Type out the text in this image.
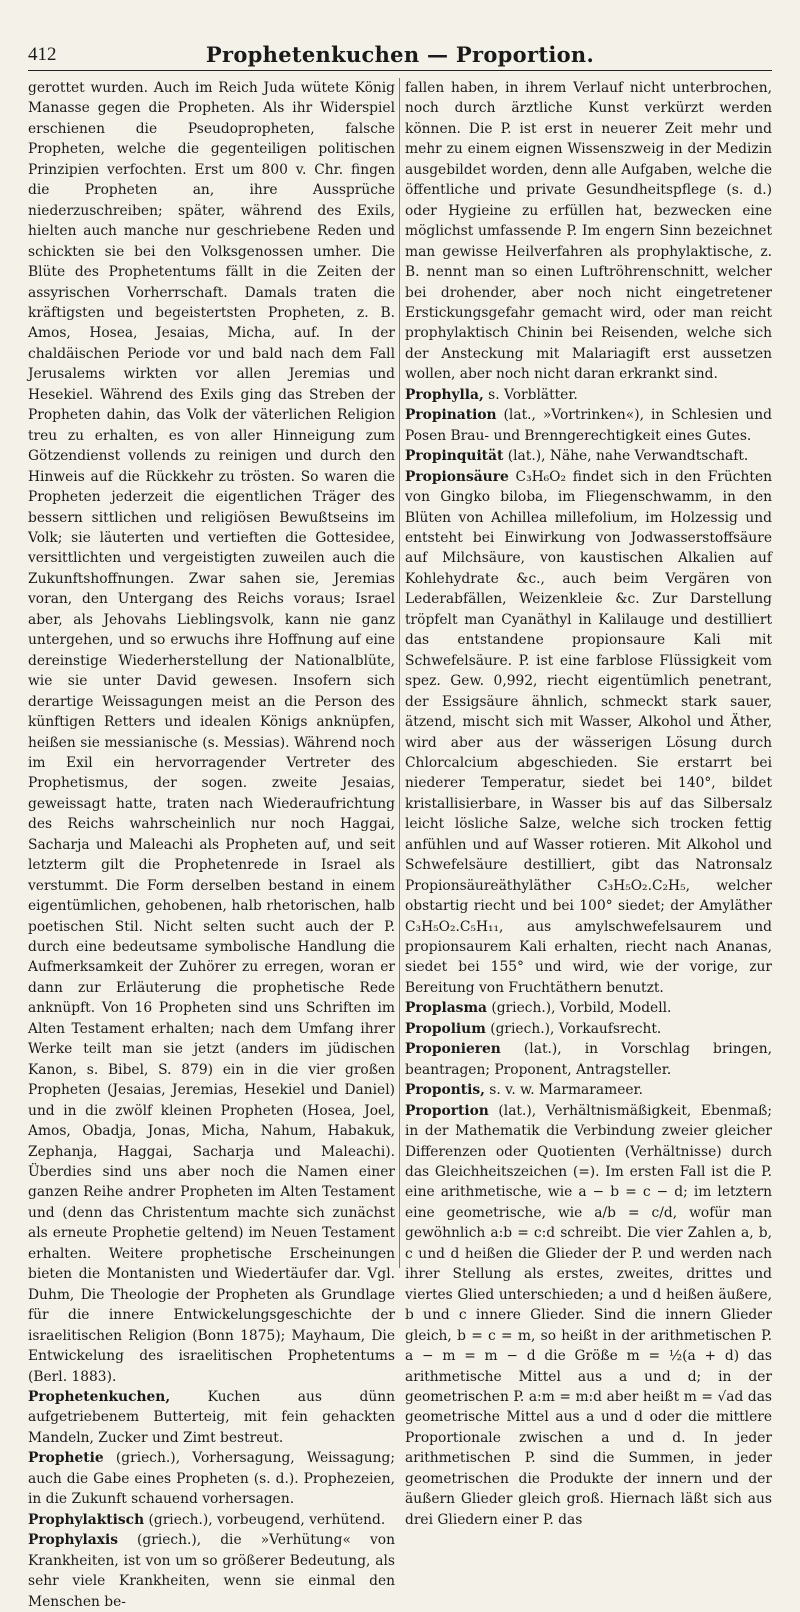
412	Prophetenkuchen — Proportion.

gerottet wurden. Auch im Reich Juda wütete König Manasse gegen die Propheten. Als ihr Widerspiel erschienen die Pseudopropheten, falsche Propheten, welche die gegenteiligen politischen Prinzipien verfochten. Erst um 800 v. Chr. fingen die Propheten an, ihre Aussprüche niederzuschreiben; später, während des Exils, hielten auch manche nur geschriebene Reden und schickten sie bei den Volksgenossen umher. Die Blüte des Prophetentums fällt in die Zeiten der assyrischen Vorherrschaft. Damals traten die kräftigsten und begeistertsten Propheten, z. B. Amos, Hosea, Jesaias, Micha, auf. In der chaldäischen Periode vor und bald nach dem Fall Jerusalems wirkten vor allen Jeremias und Hesekiel. Während des Exils ging das Streben der Propheten dahin, das Volk der väterlichen Religion treu zu erhalten, es von aller Hinneigung zum Götzendienst vollends zu reinigen und durch den Hinweis auf die Rückkehr zu trösten. So waren die Propheten jederzeit die eigentlichen Träger des bessern sittlichen und religiösen Bewußtseins im Volk; sie läuterten und vertieften die Gottesidee, versittlichten und vergeistigten zuweilen auch die Zukunftshoffnungen. Zwar sahen sie, Jeremias voran, den Untergang des Reichs voraus; Israel aber, als Jehovahs Lieblingsvolk, kann nie ganz untergehen, und so erwuchs ihre Hoffnung auf eine dereinstige Wiederherstellung der Nationalblüte, wie sie unter David gewesen. Insofern sich derartige Weissagungen meist an die Person des künftigen Retters und idealen Königs anknüpfen, heißen sie messianische (s. Messias). Während noch im Exil ein hervorragender Vertreter des Prophetismus, der sogen. zweite Jesaias, geweissagt hatte, traten nach Wiederaufrichtung des Reichs wahrscheinlich nur noch Haggai, Sacharja und Maleachi als Propheten auf, und seit letzterm gilt die Prophetenrede in Israel als verstummt. Die Form derselben bestand in einem eigentümlichen, gehobenen, halb rhetorischen, halb poetischen Stil. Nicht selten sucht auch der P. durch eine bedeutsame symbolische Handlung die Aufmerksamkeit der Zuhörer zu erregen, woran er dann zur Erläuterung die prophetische Rede anknüpft. Von 16 Propheten sind uns Schriften im Alten Testament erhalten; nach dem Umfang ihrer Werke teilt man sie jetzt (anders im jüdischen Kanon, s. Bibel, S. 879) ein in die vier großen Propheten (Jesaias, Jeremias, Hesekiel und Daniel) und in die zwölf kleinen Propheten (Hosea, Joel, Amos, Obadja, Jonas, Micha, Nahum, Habakuk, Zephanja, Haggai, Sacharja und Maleachi). Überdies sind uns aber noch die Namen einer ganzen Reihe andrer Propheten im Alten Testament und (denn das Christentum machte sich zunächst als erneute Prophetie geltend) im Neuen Testament erhalten. Weitere prophetische Erscheinungen bieten die Montanisten und Wiedertäufer dar. Vgl. Duhm, Die Theologie der Propheten als Grundlage für die innere Entwickelungsgeschichte der israelitischen Religion (Bonn 1875); Mayhaum, Die Entwickelung des israelitischen Prophetentums (Berl. 1883).

Prophetenkuchen, Kuchen aus dünn aufgetriebenem Butterteig, mit fein gehackten Mandeln, Zucker und Zimt bestreut.

Prophetie (griech.), Vorhersagung, Weissagung; auch die Gabe eines Propheten (s. d.). Prophezeien, in die Zukunft schauend vorhersagen.

Prophylaktisch (griech.), vorbeugend, verhütend.

Prophylaxis (griech.), die »Verhütung« von Krankheiten, ist von um so größerer Bedeutung, als sehr viele Krankheiten, wenn sie einmal den Menschen be-

fallen haben, in ihrem Verlauf nicht unterbrochen, noch durch ärztliche Kunst verkürzt werden können. Die P. ist erst in neuerer Zeit mehr und mehr zu einem eignen Wissenszweig in der Medizin ausgebildet worden, denn alle Aufgaben, welche die öffentliche und private Gesundheitspflege (s. d.) oder Hygieine zu erfüllen hat, bezwecken eine möglichst umfassende P. Im engern Sinn bezeichnet man gewisse Heilverfahren als prophylaktische, z. B. nennt man so einen Luftröhrenschnitt, welcher bei drohender, aber noch nicht eingetretener Erstickungsgefahr gemacht wird, oder man reicht prophylaktisch Chinin bei Reisenden, welche sich der Ansteckung mit Malariagift erst aussetzen wollen, aber noch nicht daran erkrankt sind.

Prophylla, s. Vorblätter.

Propination (lat., »Vortrinken«), in Schlesien und Posen Brau- und Brenngerechtigkeit eines Gutes.

Propinquität (lat.), Nähe, nahe Verwandtschaft.

Propionsäure C₃H₆O₂ findet sich in den Früchten von Gingko biloba, im Fliegenschwamm, in den Blüten von Achillea millefolium, im Holzessig und entsteht bei Einwirkung von Jodwasserstoffsäure auf Milchsäure, von kaustischen Alkalien auf Kohlehydrate &c., auch beim Vergären von Lederabfällen, Weizenkleie &c. Zur Darstellung tröpfelt man Cyanäthyl in Kalilauge und destilliert das entstandene propionsaure Kali mit Schwefelsäure. P. ist eine farblose Flüssigkeit vom spez. Gew. 0,992, riecht eigentümlich penetrant, der Essigsäure ähnlich, schmeckt stark sauer, ätzend, mischt sich mit Wasser, Alkohol und Äther, wird aber aus der wässerigen Lösung durch Chlorcalcium abgeschieden. Sie erstarrt bei niederer Temperatur, siedet bei 140°, bildet kristallisierbare, in Wasser bis auf das Silbersalz leicht lösliche Salze, welche sich trocken fettig anfühlen und auf Wasser rotieren. Mit Alkohol und Schwefelsäure destilliert, gibt das Natronsalz Propionsäureäthyläther C₃H₅O₂.C₂H₅, welcher obstartig riecht und bei 100° siedet; der Amyläther C₃H₅O₂.C₅H₁₁, aus amylschwefelsaurem und propionsaurem Kali erhalten, riecht nach Ananas, siedet bei 155° und wird, wie der vorige, zur Bereitung von Fruchtäthern benutzt.

Proplasma (griech.), Vorbild, Modell.

Propolium (griech.), Vorkaufsrecht.

Proponieren (lat.), in Vorschlag bringen, beantragen; Proponent, Antragsteller.

Propontis, s. v. w. Marmarameer.

Proportion (lat.), Verhältnismäßigkeit, Ebenmaß; in der Mathematik die Verbindung zweier gleicher Differenzen oder Quotienten (Verhältnisse) durch das Gleichheitszeichen (=). Im ersten Fall ist die P. eine arithmetische, wie a − b = c − d; im letztern eine geometrische, wie a/b = c/d, wofür man gewöhnlich a:b = c:d schreibt. Die vier Zahlen a, b, c und d heißen die Glieder der P. und werden nach ihrer Stellung als erstes, zweites, drittes und viertes Glied unterschieden; a und d heißen äußere, b und c innere Glieder. Sind die innern Glieder gleich, b = c = m, so heißt in der arithmetischen P. a − m = m − d die Größe m = ½(a + d) das arithmetische Mittel aus a und d; in der geometrischen P. a:m = m:d aber heißt m = √ad das geometrische Mittel aus a und d oder die mittlere Proportionale zwischen a und d. In jeder arithmetischen P. sind die Summen, in jeder geometrischen die Produkte der innern und der äußern Glieder gleich groß. Hiernach läßt sich aus drei Gliedern einer P. das
